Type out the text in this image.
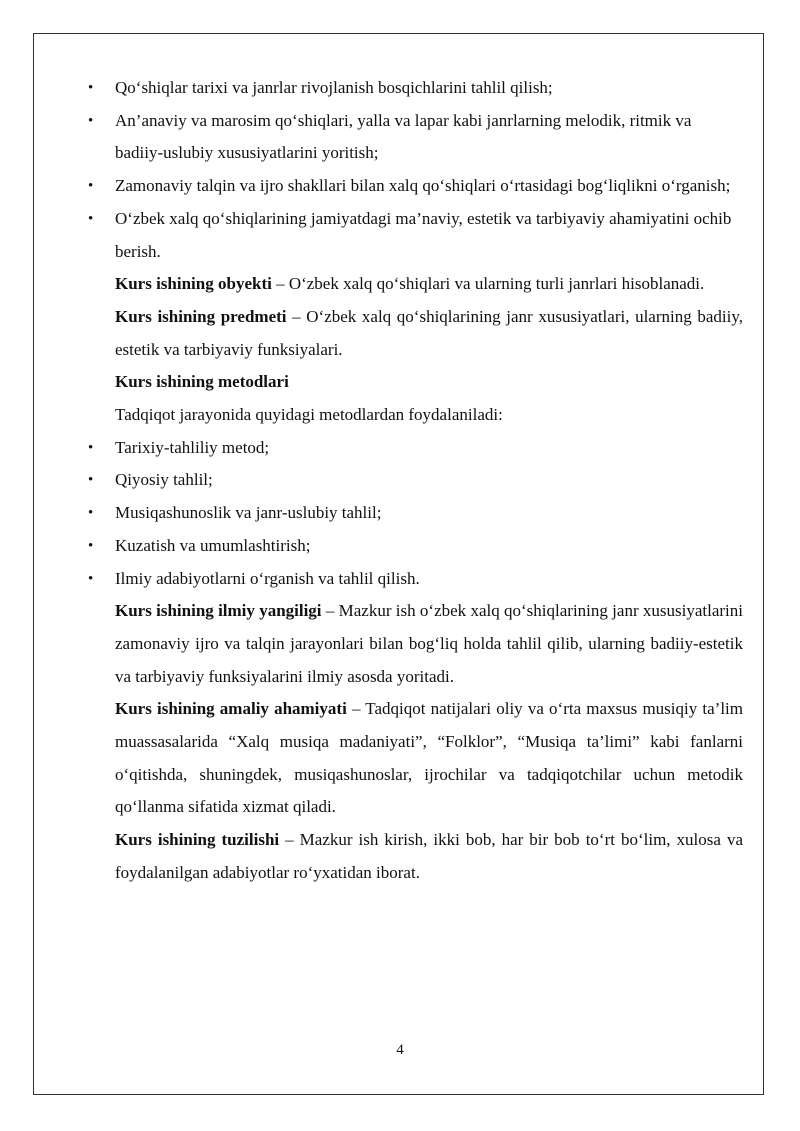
• Qo‘shiqlar tarixi va janrlar rivojlanish bosqichlarini tahlil qilish;
• An’anaviy va marosim qo‘shiqlari, yalla va lapar kabi janrlarning melodik, ritmik va badiiy-uslubiy xususiyatlarini yoritish;
• Zamonaviy talqin va ijro shakllari bilan xalq qo‘shiqlari o‘rtasidagi bog‘liqlikni o‘rganish;
• O‘zbek xalq qo‘shiqlarining jamiyatdagi ma’naviy, estetik va tarbiyaviy ahamiyatini ochib berish.

Kurs ishining obyekti – O‘zbek xalq qo‘shiqlari va ularning turli janrlari hisoblanadi.

Kurs ishining predmeti – O‘zbek xalq qo‘shiqlarining janr xususiyatlari, ularning badiiy, estetik va tarbiyaviy funksiyalari.

Kurs ishining metodlari

Tadqiqot jarayonida quyidagi metodlardan foydalaniladi:

• Tarixiy-tahliliy metod;
• Qiyosiy tahlil;
• Musiqashunoslik va janr-uslubiy tahlil;
• Kuzatish va umumlashtirish;
• Ilmiy adabiyotlarni o‘rganish va tahlil qilish.

Kurs ishining ilmiy yangiligi – Mazkur ish o‘zbek xalq qo‘shiqlarining janr xususiyatlarini zamonaviy ijro va talqin jarayonlari bilan bog‘liq holda tahlil qilib, ularning badiiy-estetik va tarbiyaviy funksiyalarini ilmiy asosda yoritadi.

Kurs ishining amaliy ahamiyati – Tadqiqot natijalari oliy va o‘rta maxsus musiqiy ta’lim muassasalarida “Xalq musiqa madaniyati”, “Folklor”, “Musiqa ta’limi” kabi fanlarni o‘qitishda, shuningdek, musiqashunoslar, ijrochilar va tadqiqotchilar uchun metodik qo‘llanma sifatida xizmat qiladi.

Kurs ishining tuzilishi – Mazkur ish kirish, ikki bob, har bir bob to‘rt bo‘lim, xulosa va foydalanilgan adabiyotlar ro‘yxatidan iborat.

4
